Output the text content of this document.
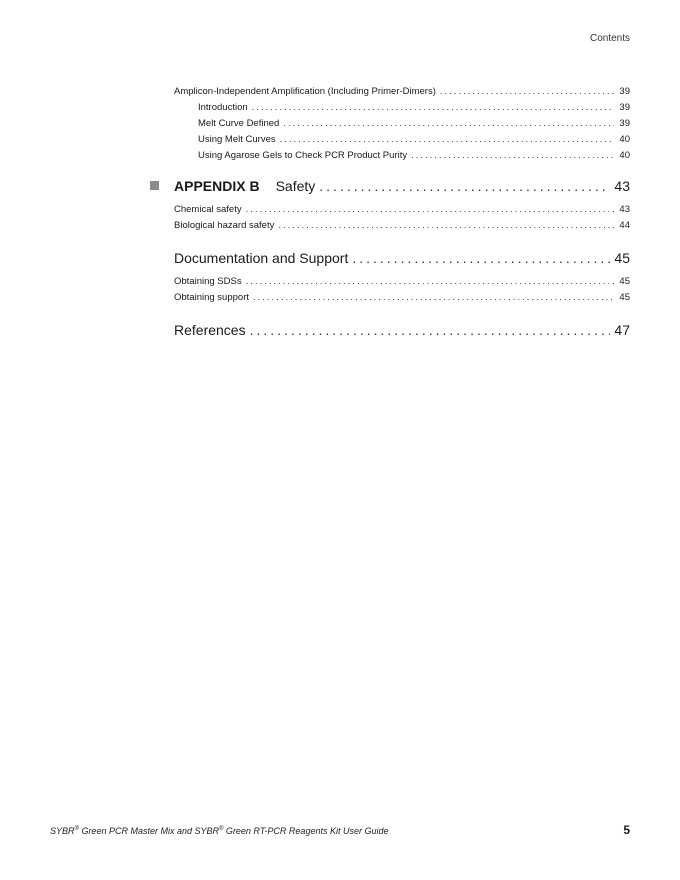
Contents
Amplicon-Independent Amplification (Including Primer-Dimers) .....	39
Introduction .....	39
Melt Curve Defined .....	39
Using Melt Curves .....	40
Using Agarose Gels to Check PCR Product Purity .....	40
APPENDIX B Safety .....	43
Chemical safety .....	43
Biological hazard safety .....	44
Documentation and Support .....	45
Obtaining SDSs .....	45
Obtaining support .....	45
References .....	47
SYBR® Green PCR Master Mix and SYBR® Green RT-PCR Reagents Kit User Guide	5
